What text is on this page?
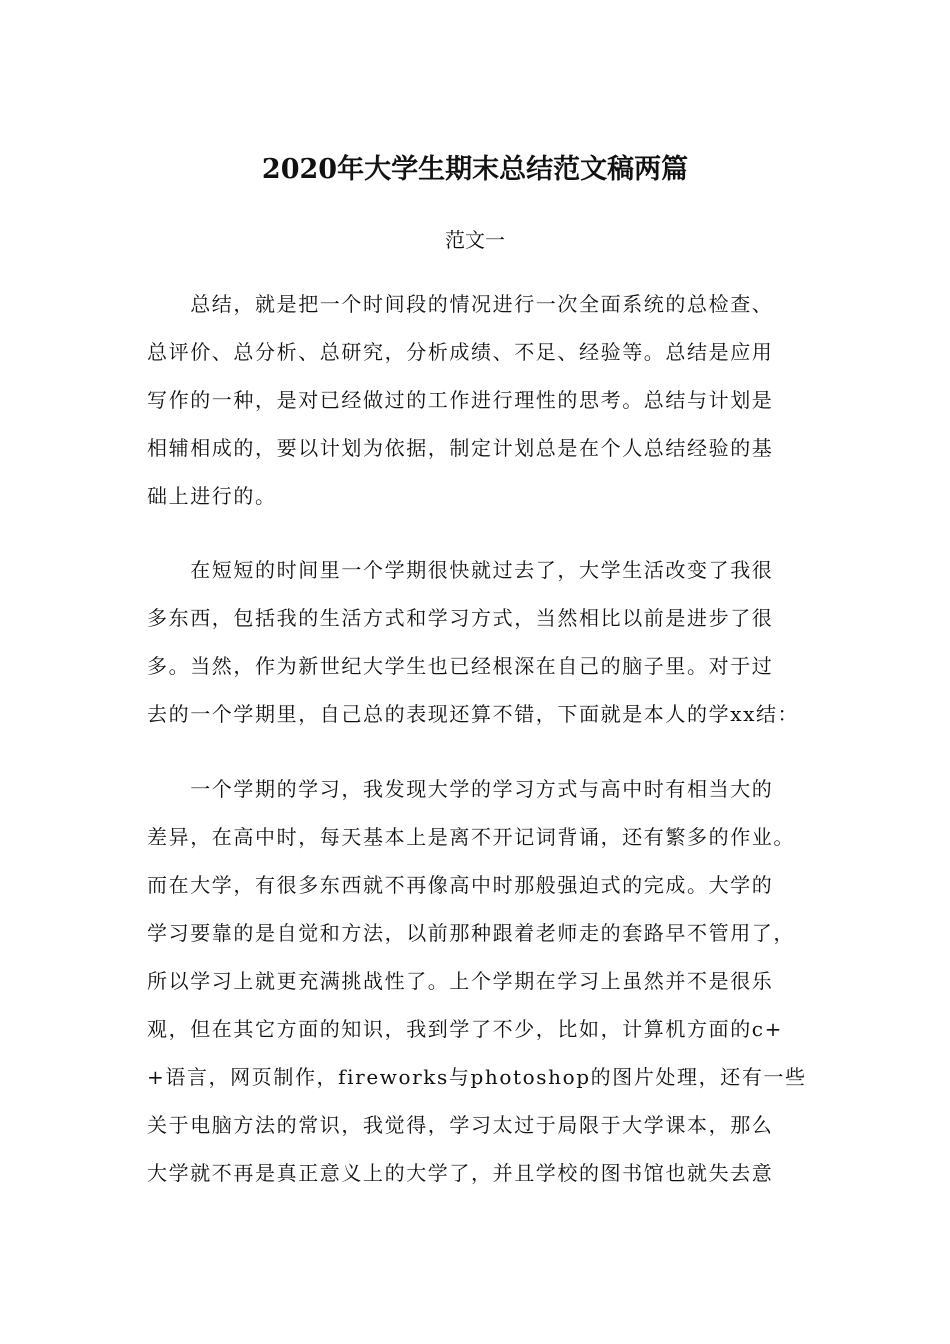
2020年大学生期末总结范文稿两篇
范文一
　　总结，就是把一个时间段的情况进行一次全面系统的总检查、
总评价、总分析、总研究，分析成绩、不足、经验等。总结是应用
写作的一种，是对已经做过的工作进行理性的思考。总结与计划是
相辅相成的，要以计划为依据，制定计划总是在个人总结经验的基
础上进行的。
　　在短短的时间里一个学期很快就过去了，大学生活改变了我很
多东西，包括我的生活方式和学习方式，当然相比以前是进步了很
多。当然，作为新世纪大学生也已经根深在自己的脑子里。对于过
去的一个学期里，自己总的表现还算不错，下面就是本人的学xx结：
　　一个学期的学习，我发现大学的学习方式与高中时有相当大的
差异，在高中时，每天基本上是离不开记词背诵，还有繁多的作业。
而在大学，有很多东西就不再像高中时那般强迫式的完成。大学的
学习要靠的是自觉和方法，以前那种跟着老师走的套路早不管用了，
所以学习上就更充满挑战性了。上个学期在学习上虽然并不是很乐
观，但在其它方面的知识，我到学了不少，比如，计算机方面的c+
+语言，网页制作，fireworks与photoshop的图片处理，还有一些
关于电脑方法的常识，我觉得，学习太过于局限于大学课本，那么
大学就不再是真正意义上的大学了，并且学校的图书馆也就失去意
